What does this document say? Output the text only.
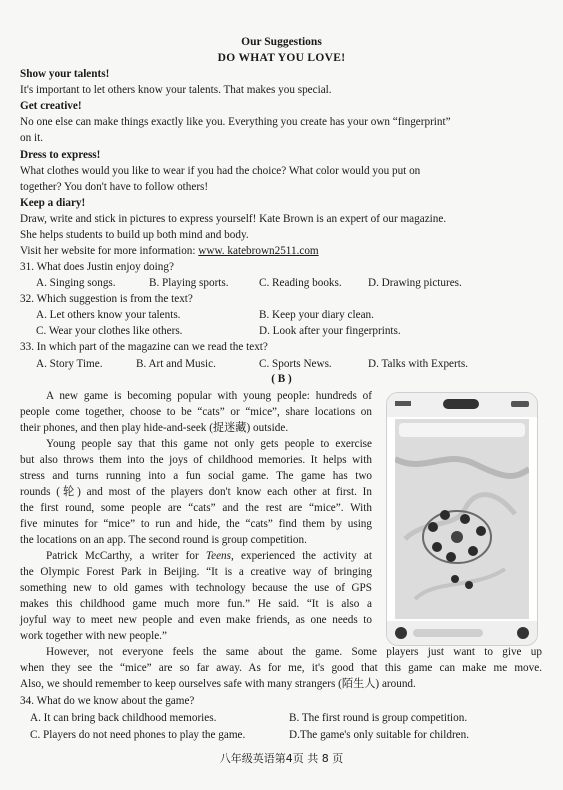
Our Suggestions
DO WHAT YOU LOVE!
Show your talents!
It's important to let others know your talents. That makes you special.
Get creative!
No one else can make things exactly like you. Everything you create has your own “fingerprint”
on it.
Dress to express!
What clothes would you like to wear if you had the choice? What color would you put on
together? You don't have to follow others!
Keep a diary!
Draw, write and stick in pictures to express yourself! Kate Brown is an expert of our magazine.
She helps students to build up both mind and body.
Visit her website for more information: www. katebrown2511.com
31. What does Justin enjoy doing?
A. Singing songs.	B. Playing sports.	C. Reading books. D. Drawing pictures.
32. Which suggestion is from the text?
A. Let others know your talents.	B. Keep your diary clean.
C. Wear your clothes like others.	D. Look after your fingerprints.
33. In which part of the magazine can we read the text?
A. Story Time.	B. Art and Music.	C. Sports News.	D. Talks with Experts.
( B )
A new game is becoming popular with young people: hundreds of
people come together, choose to be “cats” or “mice”, share locations on
their phones, and then play hide-and-seek (捉迷藏) outside.
Young people say that this game not only gets people to exercise
but also throws them into the joys of childhood memories. It helps with
stress and turns running into a fun social game. The game has two
rounds (轮) and most of the players don't know each other at first. In
the first round, some people are “cats” and the rest are “mice”. With
five minutes for “mice” to run and hide, the “cats” find them by using
the locations on an app. The second round is group competition.
Patrick McCarthy, a writer for Teens, experienced the activity at
the Olympic Forest Park in Beijing. “It is a creative way of bringing
something new to old games with technology because the use of GPS
makes this childhood game much more fun.” He said. “It is also a
joyful way to meet new people and even make friends, as one needs to
work together with new people.”
However, not everyone feels the same about the game. Some players just want to give up
when they see the “mice” are so far away. As for me, it's good that this game can make me move.
Also, we should remember to keep ourselves safe with many strangers (陌生人) around.
34. What do we know about the game?
A. It can bring back childhood memories.	B. The first round is group competition.
C. Players do not need phones to play the game.	D.The game's only suitable for children.
八年级英语第4页 共 8 页
